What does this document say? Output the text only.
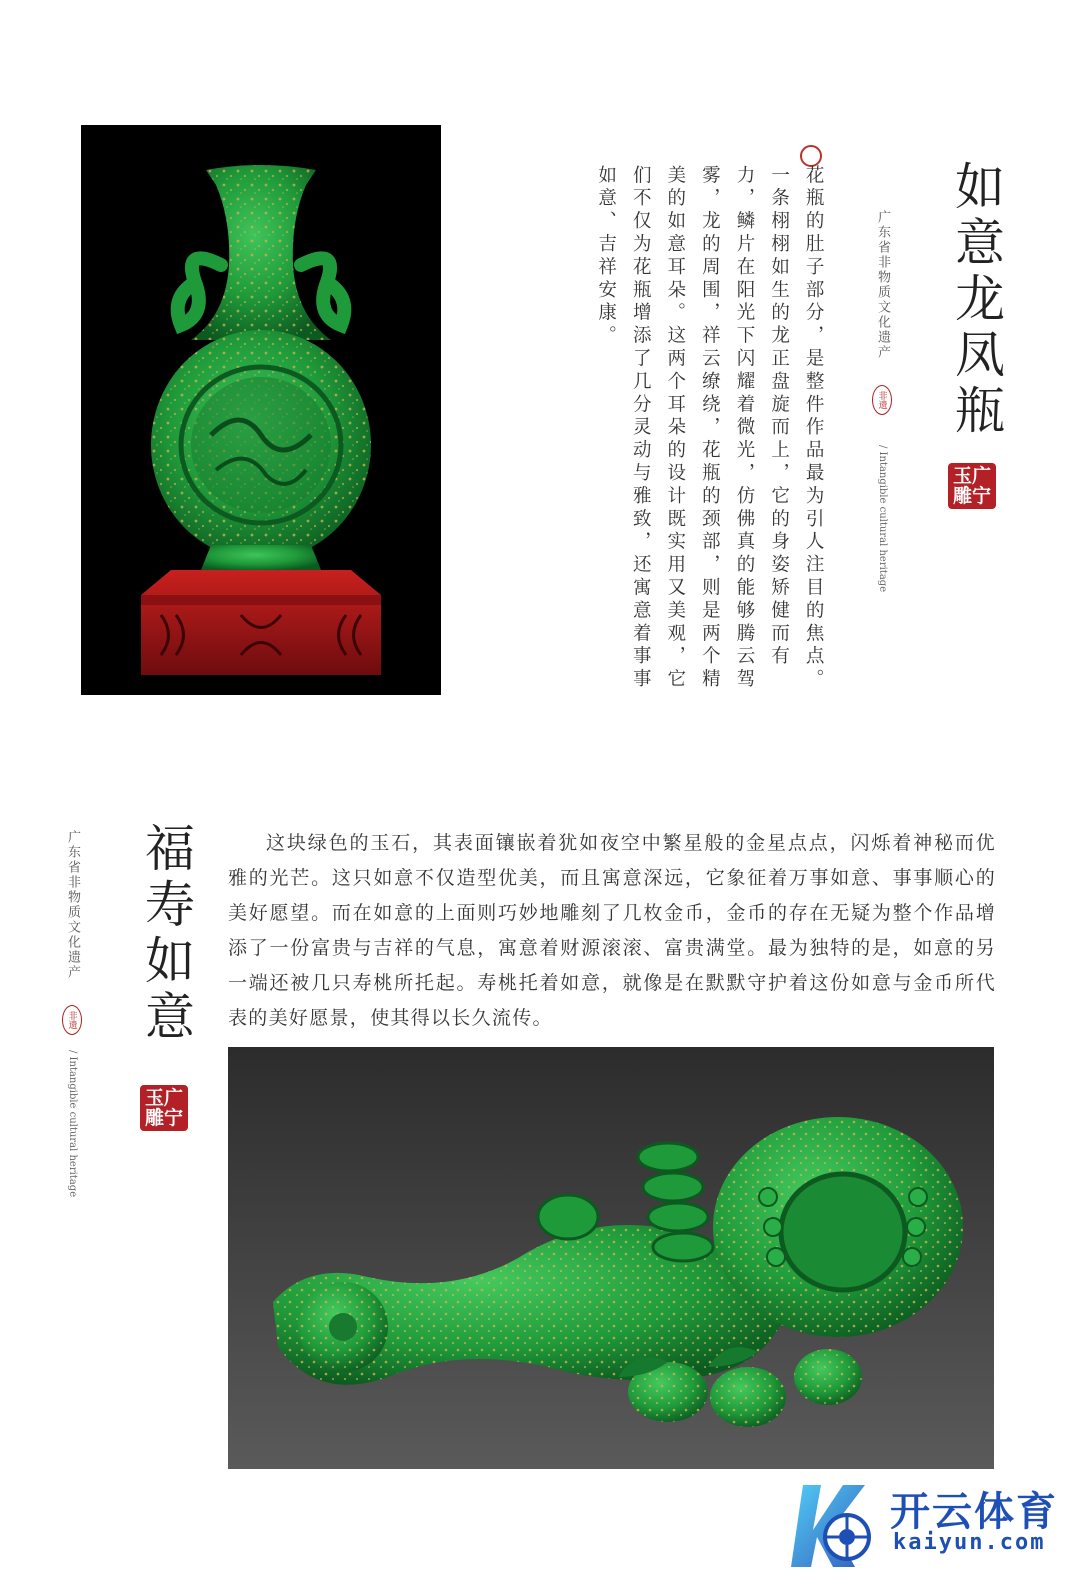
如意龙凤瓶
广东省非物质文化遗产
非遗
/ Intangible cultural heritage	广
宁
玉
雕
花瓶的肚子部分，是整件作品最为引人注目的焦点。一条栩栩如生的龙正盘旋而上，它的身姿矫健而有力，鳞片在阳光下闪耀着微光，仿佛真的能够腾云驾雾，龙的周围，祥云缭绕，花瓶的颈部，则是两个精美的如意耳朵。这两个耳朵的设计既实用又美观，它们不仅为花瓶增添了几分灵动与雅致，还寓意着事事如意、吉祥安康。
广东省非物质文化遗产
非遗
/ Intangible cultural heritage
福寿如意
广
宁
玉
雕
这块绿色的玉石，其表面镶嵌着犹如夜空中繁星般的金星点点，闪烁着神秘而优雅的光芒。这只如意不仅造型优美，而且寓意深远，它象征着万事如意、事事顺心的美好愿望。而在如意的上面则巧妙地雕刻了几枚金币，金币的存在无疑为整个作品增添了一份富贵与吉祥的气息，寓意着财源滚滚、富贵满堂。最为独特的是，如意的另一端还被几只寿桃所托起。寿桃托着如意，就像是在默默守护着这份如意与金币所代表的美好愿景，使其得以长久流传。
开云体育
kaiyun.com
